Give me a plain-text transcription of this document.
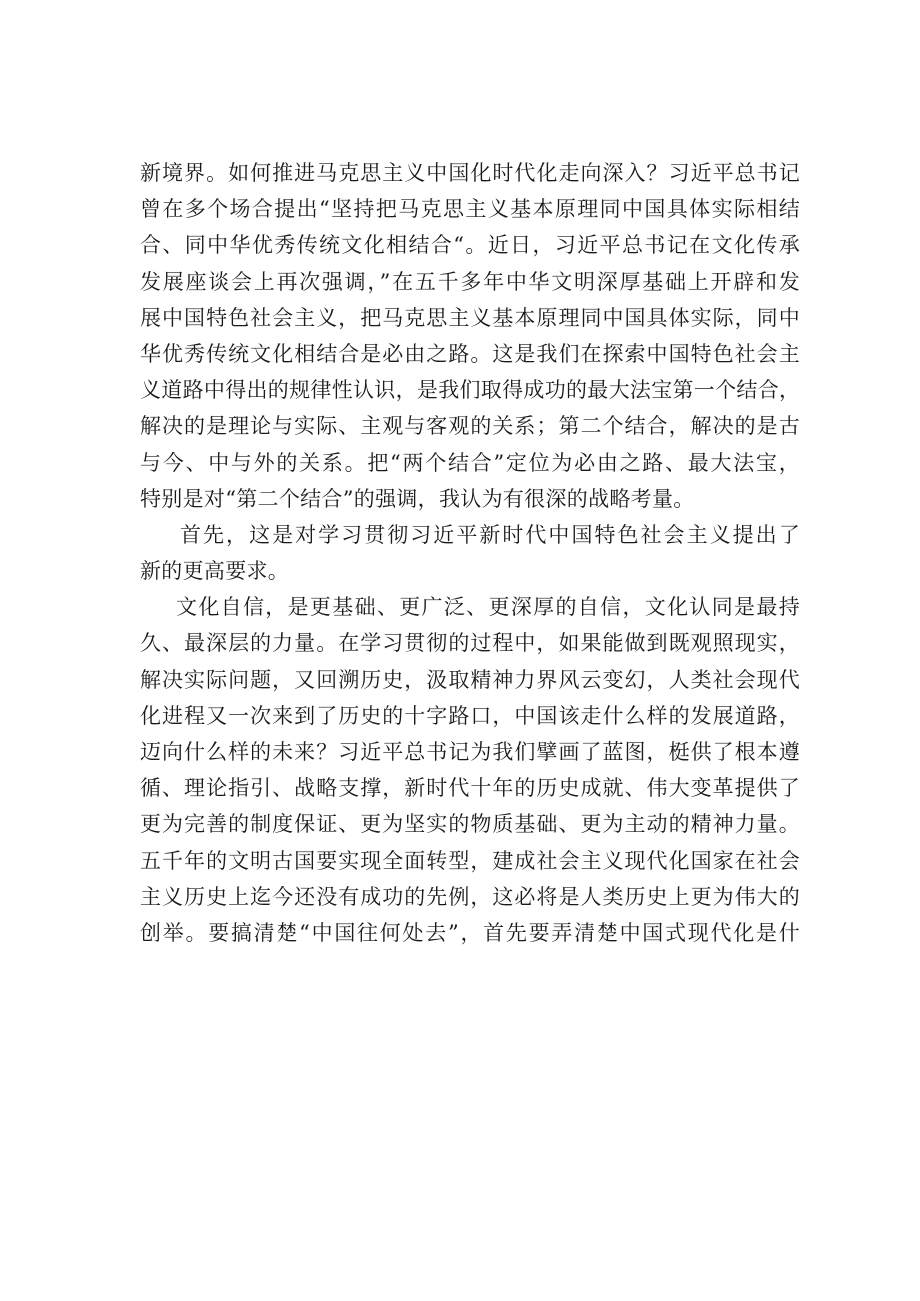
新境界。如何推进马克思主义中国化时代化走向深入？习近平总书记
曾在多个场合提出“坚持把马克思主义基本原理同中国具体实际相结
合、同中华优秀传统文化相结合“。近日，习近平总书记在文化传承
发展座谈会上再次强调，”在五千多年中华文明深厚基础上开辟和发
展中国特色社会主义，把马克思主义基本原理同中国具体实际，同中
华优秀传统文化相结合是必由之路。这是我们在探索中国特色社会主
义道路中得出的规律性认识，是我们取得成功的最大法宝第一个结合，
解决的是理论与实际、主观与客观的关系；第二个结合，解决的是古
与今、中与外的关系。把“两个结合”定位为必由之路、最大法宝，
特别是对“第二个结合”的强调，我认为有很深的战略考量。

首先，这是对学习贯彻习近平新时代中国特色社会主义提出了
新的更高要求。

文化自信，是更基础、更广泛、更深厚的自信，文化认同是最持
久、最深层的力量。在学习贯彻的过程中，如果能做到既观照现实，
解决实际问题，又回溯历史，汲取精神力界风云变幻，人类社会现代
化进程又一次来到了历史的十字路口，中国该走什么样的发展道路，
迈向什么样的未来？习近平总书记为我们擘画了蓝图，梃供了根本遵
循、理论指引、战略支撑，新时代十年的历史成就、伟大变革提供了
更为完善的制度保证、更为坚实的物质基础、更为主动的精神力量。
五千年的文明古国要实现全面转型，建成社会主义现代化国家在社会
主义历史上迄今还没有成功的先例，这必将是人类历史上更为伟大的
创举。要搞清楚“中国往何处去”，首先要弄清楚中国式现代化是什
